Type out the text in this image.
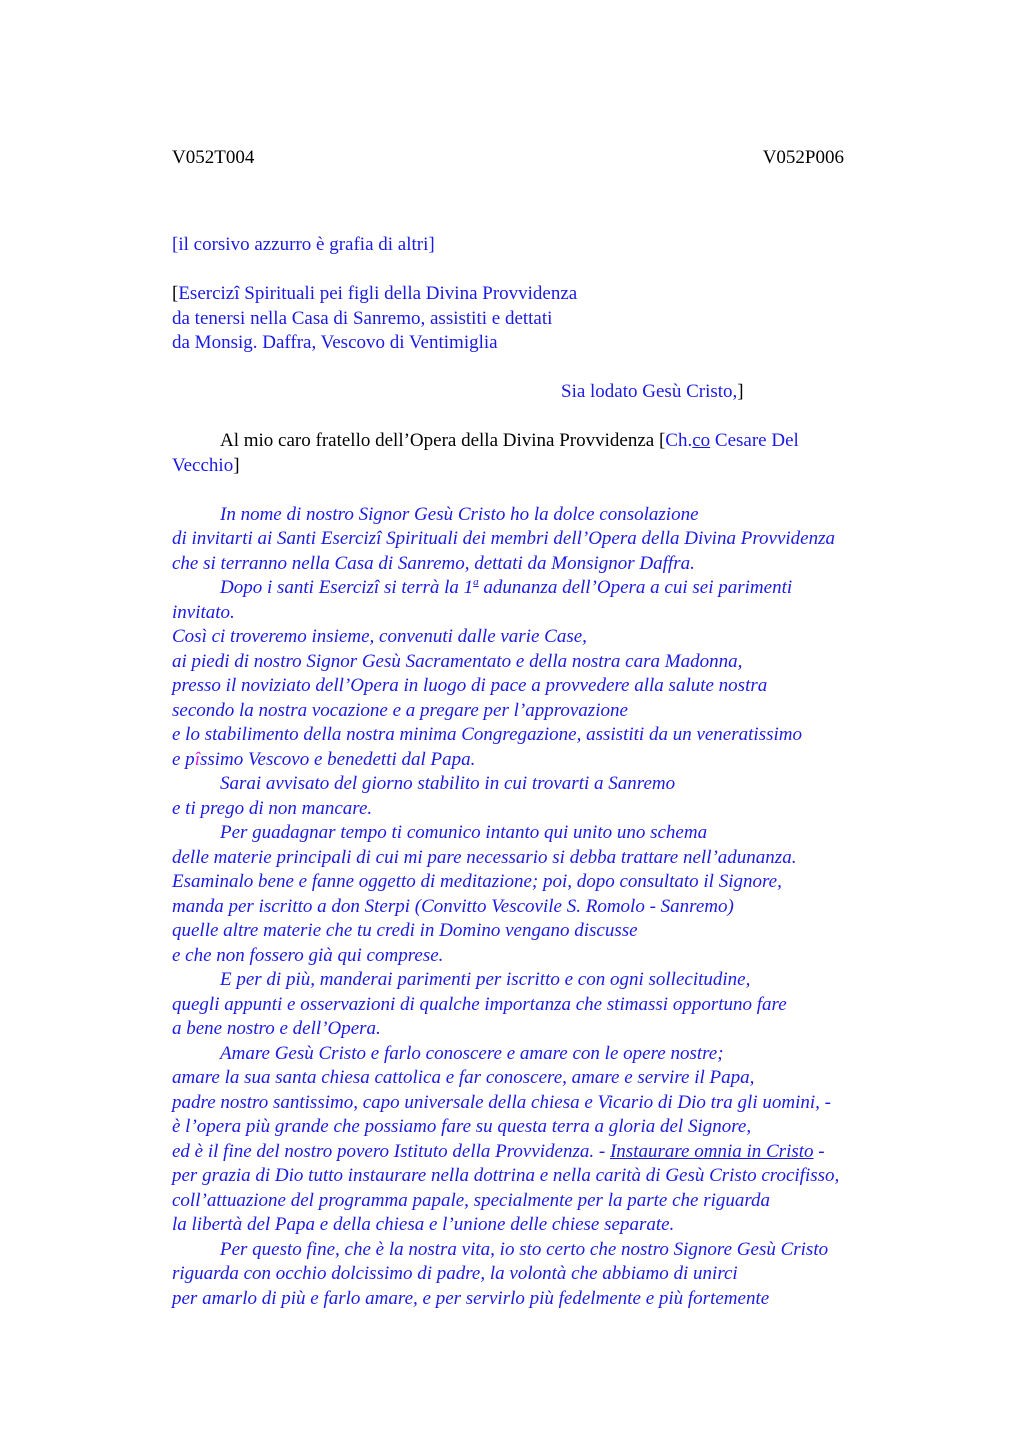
V052T004	V052P006
[il corsivo azzurro è grafia di altri]
[Esercizî Spirituali pei figli della Divina Provvidenza
da tenersi nella Casa di Sanremo, assistiti e dettati
da Monsig. Daffra, Vescovo di Ventimiglia
Sia lodato Gesù Cristo,]
Al mio caro fratello dell’Opera della Divina Provvidenza [Ch.co Cesare Del
Vecchio]
In nome di nostro Signor Gesù Cristo ho la dolce consolazione
di invitarti ai Santi Esercizî Spirituali dei membri dell’Opera della Divina Provvidenza
che si terranno nella Casa di Sanremo, dettati da Monsignor Daffra.
Dopo i santi Esercizî si terrà la 1$^a$ adunanza dell’Opera a cui sei parimenti
invitato.
Così ci troveremo insieme, convenuti dalle varie Case,
ai piedi di nostro Signor Gesù Sacramentato e della nostra cara Madonna,
presso il noviziato dell’Opera in luogo di pace a provvedere alla salute nostra
secondo la nostra vocazione e a pregare per l’approvazione
e lo stabilimento della nostra minima Congregazione, assistiti da un veneratissimo
e pîssimo Vescovo e benedetti dal Papa.
Sarai avvisato del giorno stabilito in cui trovarti a Sanremo
e ti prego di non mancare.
Per guadagnar tempo ti comunico intanto qui unito uno schema
delle materie principali di cui mi pare necessario si debba trattare nell’adunanza.
Esaminalo bene e fanne oggetto di meditazione; poi, dopo consultato il Signore,
manda per iscritto a don Sterpi (Convitto Vescovile S. Romolo - Sanremo)
quelle altre materie che tu credi in Domino vengano discusse
e che non fossero già qui comprese.
E per di più, manderai parimenti per iscritto e con ogni sollecitudine,
quegli appunti e osservazioni di qualche importanza che stimassi opportuno fare
a bene nostro e dell’Opera.
Amare Gesù Cristo e farlo conoscere e amare con le opere nostre;
amare la sua santa chiesa cattolica e far conoscere, amare e servire il Papa,
padre nostro santissimo, capo universale della chiesa e Vicario di Dio tra gli uomini, -
è l’opera più grande che possiamo fare su questa terra a gloria del Signore,
ed è il fine del nostro povero Istituto della Provvidenza. - Instaurare omnia in Cristo -
per grazia di Dio tutto instaurare nella dottrina e nella carità di Gesù Cristo crocifisso,
coll’attuazione del programma papale, specialmente per la parte che riguarda
la libertà del Papa e della chiesa e l’unione delle chiese separate.
Per questo fine, che è la nostra vita, io sto certo che nostro Signore Gesù Cristo
riguarda con occhio dolcissimo di padre, la volontà che abbiamo di unirci
per amarlo di più e farlo amare, e per servirlo più fedelmente e più fortemente
